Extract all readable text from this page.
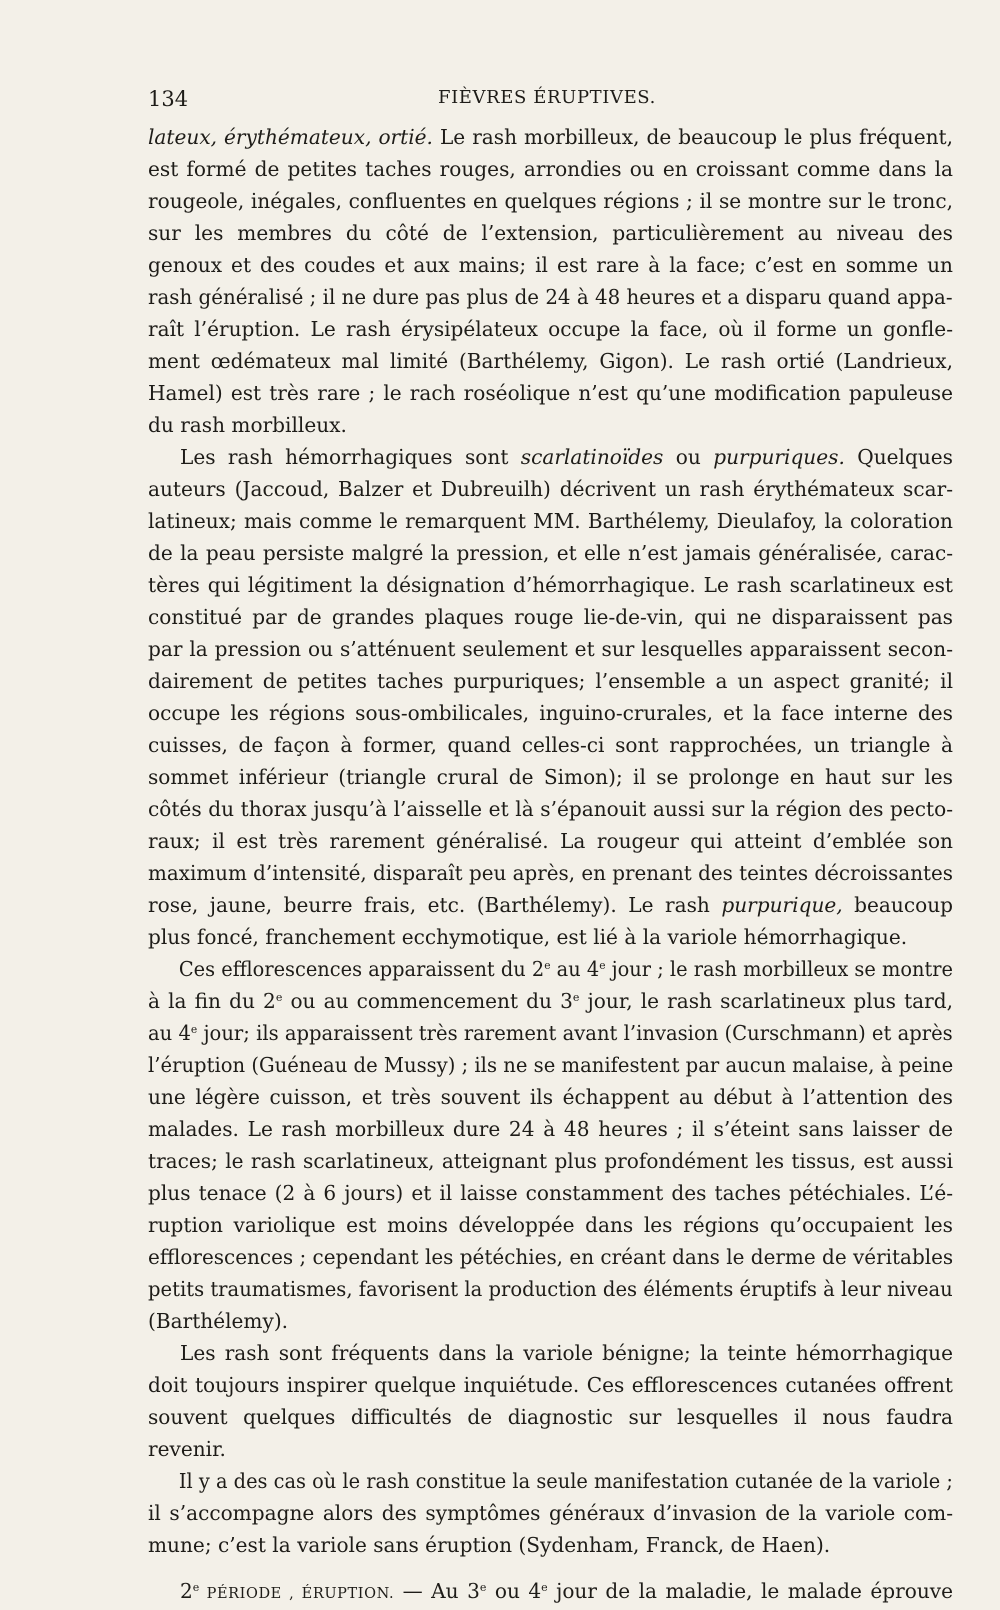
134	FIÈVRES ÉRUPTIVES.
lateux, érythémateux, ortié. Le rash morbilleux, de beaucoup le plus fréquent,
est formé de petites taches rouges, arrondies ou en croissant comme dans la
rougeole, inégales, confluentes en quelques régions ; il se montre sur le tronc,
sur les membres du côté de l’extension, particulièrement au niveau des
genoux et des coudes et aux mains; il est rare à la face; c’est en somme un
rash généralisé ; il ne dure pas plus de 24 à 48 heures et a disparu quand appa-
raît l’éruption. Le rash érysipélateux occupe la face, où il forme un gonfle-
ment œdémateux mal limité (Barthélemy, Gigon). Le rash ortié (Landrieux,
Hamel) est très rare ; le rach roséolique n’est qu’une modification papuleuse
du rash morbilleux.
Les rash hémorrhagiques sont scarlatinoïdes ou purpuriques. Quelques
auteurs (Jaccoud, Balzer et Dubreuilh) décrivent un rash érythémateux scar-
latineux; mais comme le remarquent MM. Barthélemy, Dieulafoy, la coloration
de la peau persiste malgré la pression, et elle n’est jamais généralisée, carac-
tères qui légitiment la désignation d’hémorrhagique. Le rash scarlatineux est
constitué par de grandes plaques rouge lie-de-vin, qui ne disparaissent pas
par la pression ou s’atténuent seulement et sur lesquelles apparaissent secon-
dairement de petites taches purpuriques; l’ensemble a un aspect granité; il
occupe les régions sous-ombilicales, inguino-crurales, et la face interne des
cuisses, de façon à former, quand celles-ci sont rapprochées, un triangle à
sommet inférieur (triangle crural de Simon); il se prolonge en haut sur les
côtés du thorax jusqu’à l’aisselle et là s’épanouit aussi sur la région des pecto-
raux; il est très rarement généralisé. La rougeur qui atteint d’emblée son
maximum d’intensité, disparaît peu après, en prenant des teintes décroissantes
rose, jaune, beurre frais, etc. (Barthélemy). Le rash purpurique, beaucoup
plus foncé, franchement ecchymotique, est lié à la variole hémorrhagique.
Ces efflorescences apparaissent du 2e au 4e jour ; le rash morbilleux se montre
à la fin du 2e ou au commencement du 3e jour, le rash scarlatineux plus tard,
au 4e jour; ils apparaissent très rarement avant l’invasion (Curschmann) et après
l’éruption (Guéneau de Mussy) ; ils ne se manifestent par aucun malaise, à peine
une légère cuisson, et très souvent ils échappent au début à l’attention des
malades. Le rash morbilleux dure 24 à 48 heures ; il s’éteint sans laisser de
traces; le rash scarlatineux, atteignant plus profondément les tissus, est aussi
plus tenace (2 à 6 jours) et il laisse constamment des taches pétéchiales. L’é-
ruption variolique est moins développée dans les régions qu’occupaient les
efflorescences ; cependant les pétéchies, en créant dans le derme de véritables
petits traumatismes, favorisent la production des éléments éruptifs à leur niveau
(Barthélemy).
Les rash sont fréquents dans la variole bénigne; la teinte hémorrhagique
doit toujours inspirer quelque inquiétude. Ces efflorescences cutanées offrent
souvent quelques difficultés de diagnostic sur lesquelles il nous faudra
revenir.
Il y a des cas où le rash constitue la seule manifestation cutanée de la variole ;
il s’accompagne alors des symptômes généraux d’invasion de la variole com-
mune; c’est la variole sans éruption (Sydenham, Franck, de Haen).
2e PÉRIODE , ÉRUPTION. — Au 3e ou 4e jour de la maladie, le malade éprouve
